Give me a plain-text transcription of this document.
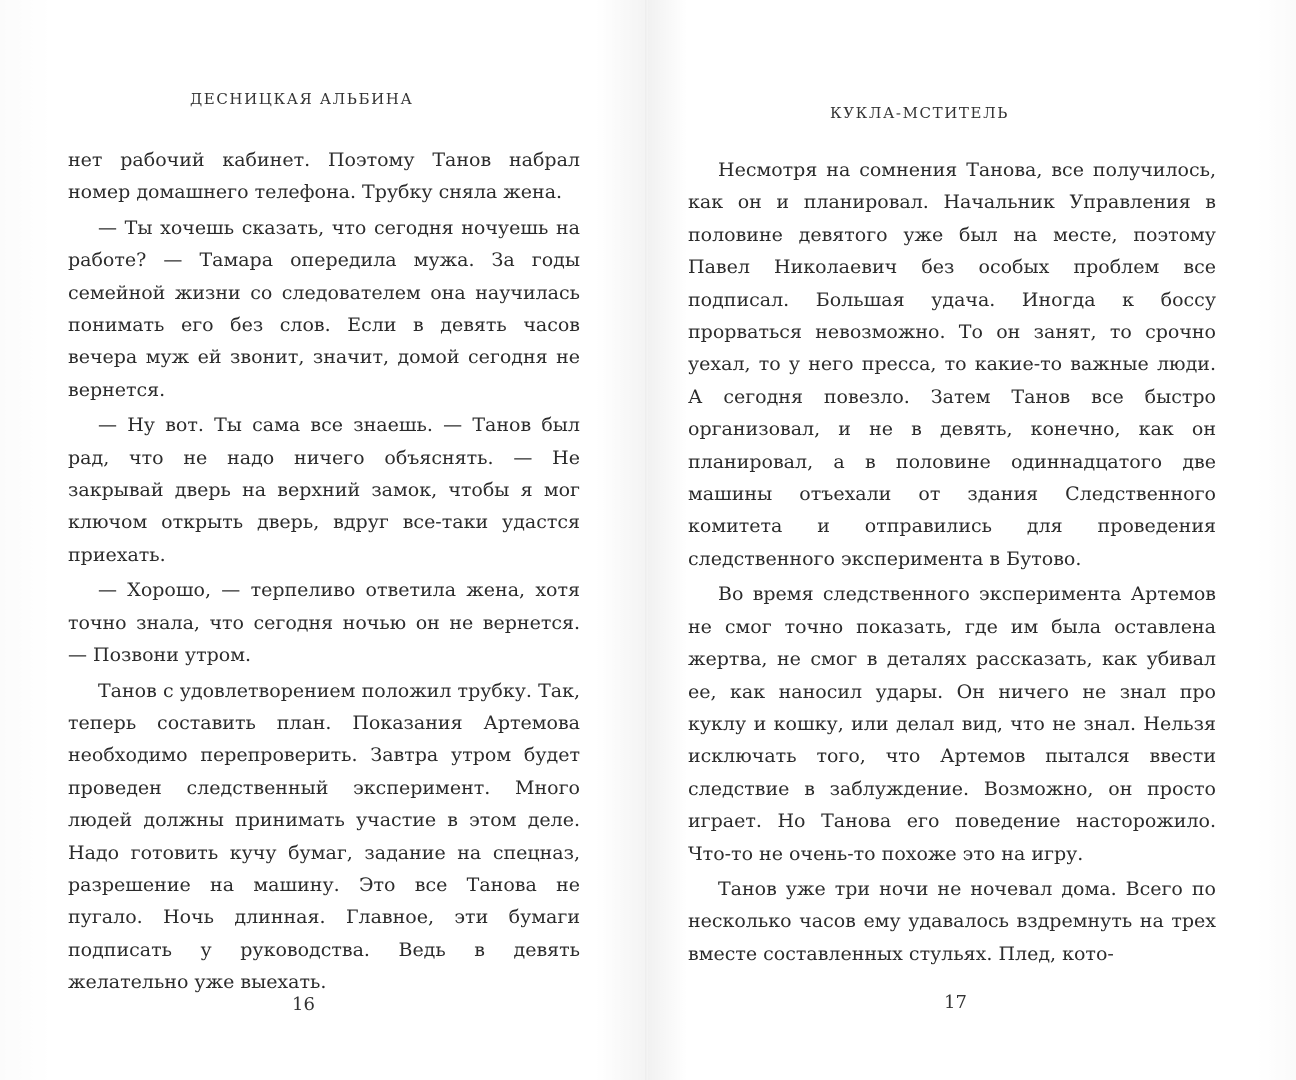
ДЕСНИЦКАЯ АЛЬБИНА

нет рабочий кабинет. Поэтому Танов набрал номер домашнего телефона. Трубку сняла жена.

— Ты хочешь сказать, что сегодня ночуешь на работе? — Тамара опередила мужа. За годы семейной жизни со следователем она научилась понимать его без слов. Если в девять часов вечера муж ей звонит, значит, домой сегодня не вернется.

— Ну вот. Ты сама все знаешь. — Танов был рад, что не надо ничего объяснять. — Не закрывай дверь на верхний замок, чтобы я мог ключом открыть дверь, вдруг все-таки удастся приехать.

— Хорошо, — терпеливо ответила жена, хотя точно знала, что сегодня ночью он не вернется. — Позвони утром.

Танов с удовлетворением положил трубку. Так, теперь составить план. Показания Артемова необходимо перепроверить. Завтра утром будет проведен следственный эксперимент. Много людей должны принимать участие в этом деле. Надо готовить кучу бумаг, задание на спецназ, разрешение на машину. Это все Танова не пугало. Ночь длинная. Главное, эти бумаги подписать у руководства. Ведь в девять желательно уже выехать.

16
КУКЛА-МСТИТЕЛЬ

Несмотря на сомнения Танова, все получилось, как он и планировал. Начальник Управления в половине девятого уже был на месте, поэтому Павел Николаевич без особых проблем все подписал. Большая удача. Иногда к боссу прорваться невозможно. То он занят, то срочно уехал, то у него пресса, то какие-то важные люди. А сегодня повезло. Затем Танов все быстро организовал, и не в девять, конечно, как он планировал, а в половине одиннадцатого две машины отъехали от здания Следственного комитета и отправились для проведения следственного эксперимента в Бутово.

Во время следственного эксперимента Артемов не смог точно показать, где им была оставлена жертва, не смог в деталях рассказать, как убивал ее, как наносил удары. Он ничего не знал про куклу и кошку, или делал вид, что не знал. Нельзя исключать того, что Артемов пытался ввести следствие в заблуждение. Возможно, он просто играет. Но Танова его поведение насторожило. Что-то не очень-то похоже это на игру.

Танов уже три ночи не ночевал дома. Всего по несколько часов ему удавалось вздремнуть на трех вместе составленных стульях. Плед, кото-

17
